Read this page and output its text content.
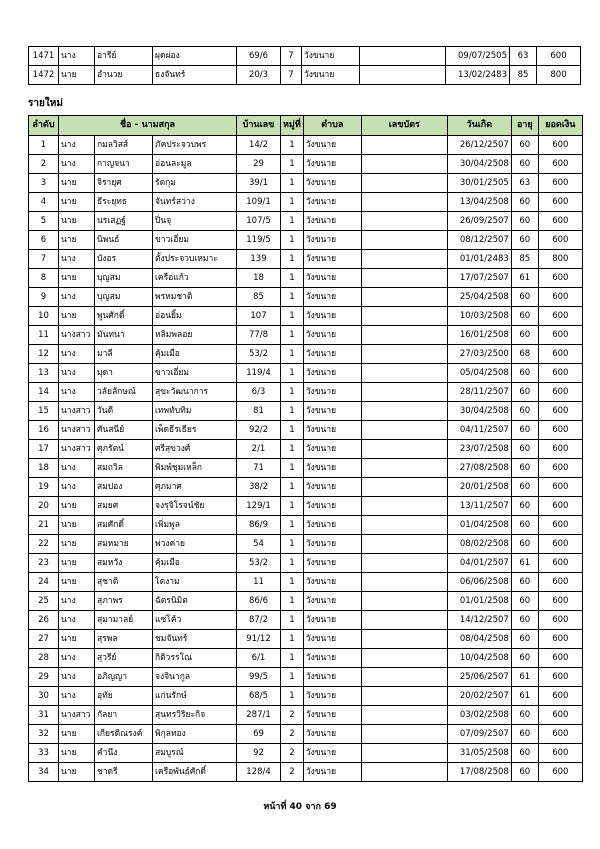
1471	นาง	อารีย์	ผุดผ่อง	69/6	7	วังขนาย		09/07/2505	63	600
1472	นาย	อำนวย	ธงจันทร์	20/3	7	วังขนาย		13/02/2483	85	800
รายใหม่
ลำดับ	ชื่อ - นามสกุล			บ้านเลข	หมู่ที่	ตำบล	เลขบัตร	วันเกิด	อายุ	ยอดเงิน
1	นาง	กมลวิสส์	ภัคประจวบพร	14/2	1	วังขนาย		26/12/2507	60	600
2	นาง	กาญจนา	อ่อนละมูล	29	1	วังขนาย		30/04/2508	60	600
3	นาย	จิรายุศ	รัตกุม	39/1	1	วังขนาย		30/01/2505	63	600
4	นาย	ธีระยุทธ	จันทร์สว่าง	109/1	1	วังขนาย		13/04/2508	60	600
5	นาย	นรเสฏฐ์	ปิ่นจุ	107/5	1	วังขนาย		26/09/2507	60	600
6	นาย	นิพนธ์	ขาวเอี่ยม	119/5	1	วังขนาย		08/12/2507	60	600
7	นาง	บังอร	ตั้งประจวบเหมาะ	139	1	วังขนาย		01/01/2483	85	800
8	นาย	บุญสม	เครือแก้ว	18	1	วังขนาย		17/07/2507	61	600
9	นาง	บุญสม	พรหมชาติ	85	1	วังขนาย		25/04/2508	60	600
10	นาย	พูนศักดิ์	อ่อนยิ้ม	107	1	วังขนาย		10/03/2508	60	600
11	นางสาว	มันทนา	หลิมพลอย	77/8	1	วังขนาย		16/01/2508	60	600
12	นาง	มาลี	คุ้มเมือ	53/2	1	วังขนาย		27/03/2500	68	600
13	นาง	มุดา	ขาวเอี่ยม	119/4	1	วังขนาย		05/04/2508	60	600
14	นาง	วลัยลักษณ์	สุขะวัฒนาการ	6/3	1	วังขนาย		28/11/2507	60	600
15	นางสาว	วันดี	เทพทับทิม	81	1	วังขนาย		30/04/2508	60	600
16	นางสาว	ศันสนีย์	เพ็ดธีรเธียร	92/2	1	วังขนาย		04/11/2507	60	600
17	นางสาว	ศุภรัตน์	ศรีสุขวงศ์	2/1	1	วังขนาย		23/07/2508	60	600
18	นาง	สมถวิล	พิมพ์ชุมเหล็ก	71	1	วังขนาย		27/08/2508	60	600
19	นาง	สมปอง	ศุภมาศ	38/2	1	วังขนาย		20/01/2508	60	600
20	นาย	สมยศ	จงรุจิโรจน์ชัย	129/1	1	วังขนาย		13/11/2507	60	600
21	นาย	สมศักดิ์	เพิ่มพูล	86/9	1	วังขนาย		01/04/2508	60	600
22	นาย	สมหมาย	พ่วงค่าย	54	1	วังขนาย		08/02/2508	60	600
23	นาย	สมหวัง	คุ้มเมือ	53/2	1	วังขนาย		04/01/2507	61	600
24	นาย	สุชาติ	โตงาม	11	1	วังขนาย		06/06/2508	60	600
25	นาง	สุภาพร	ฉัตรนิมิต	86/6	1	วังขนาย		01/01/2508	60	600
26	นาง	สุมามาลย์	แซ่โค้ว	87/2	1	วังขนาย		14/12/2507	60	600
27	นาย	สุรพล	ชมจันทร์	91/12	1	วังขนาย		08/04/2508	60	600
28	นาง	สุวรีย์	กิติวรรโณ	6/1	1	วังขนาย		10/04/2508	60	600
29	นาง	อภิญญา	จงจินากูล	99/5	1	วังขนาย		25/06/2507	61	600
30	นาง	อุทัย	แก่นรักษ์	68/5	1	วังขนาย		20/02/2507	61	600
31	นางสาว	กัลยา	สุนทรวิริยะกิจ	287/1	2	วังขนาย		03/02/2508	60	600
32	นาย	เกียรติณรงค์	พิกุลทอง	69	2	วังขนาย		07/09/2507	60	600
33	นาย	คำนึง	สมบูรณ์	92	2	วังขนาย		31/05/2508	60	600
34	นาย	ชาตรี	เครือพันธ์ศักดิ์	128/4	2	วังขนาย		17/08/2508	60	600
หน้าที่ 40 จาก 69
